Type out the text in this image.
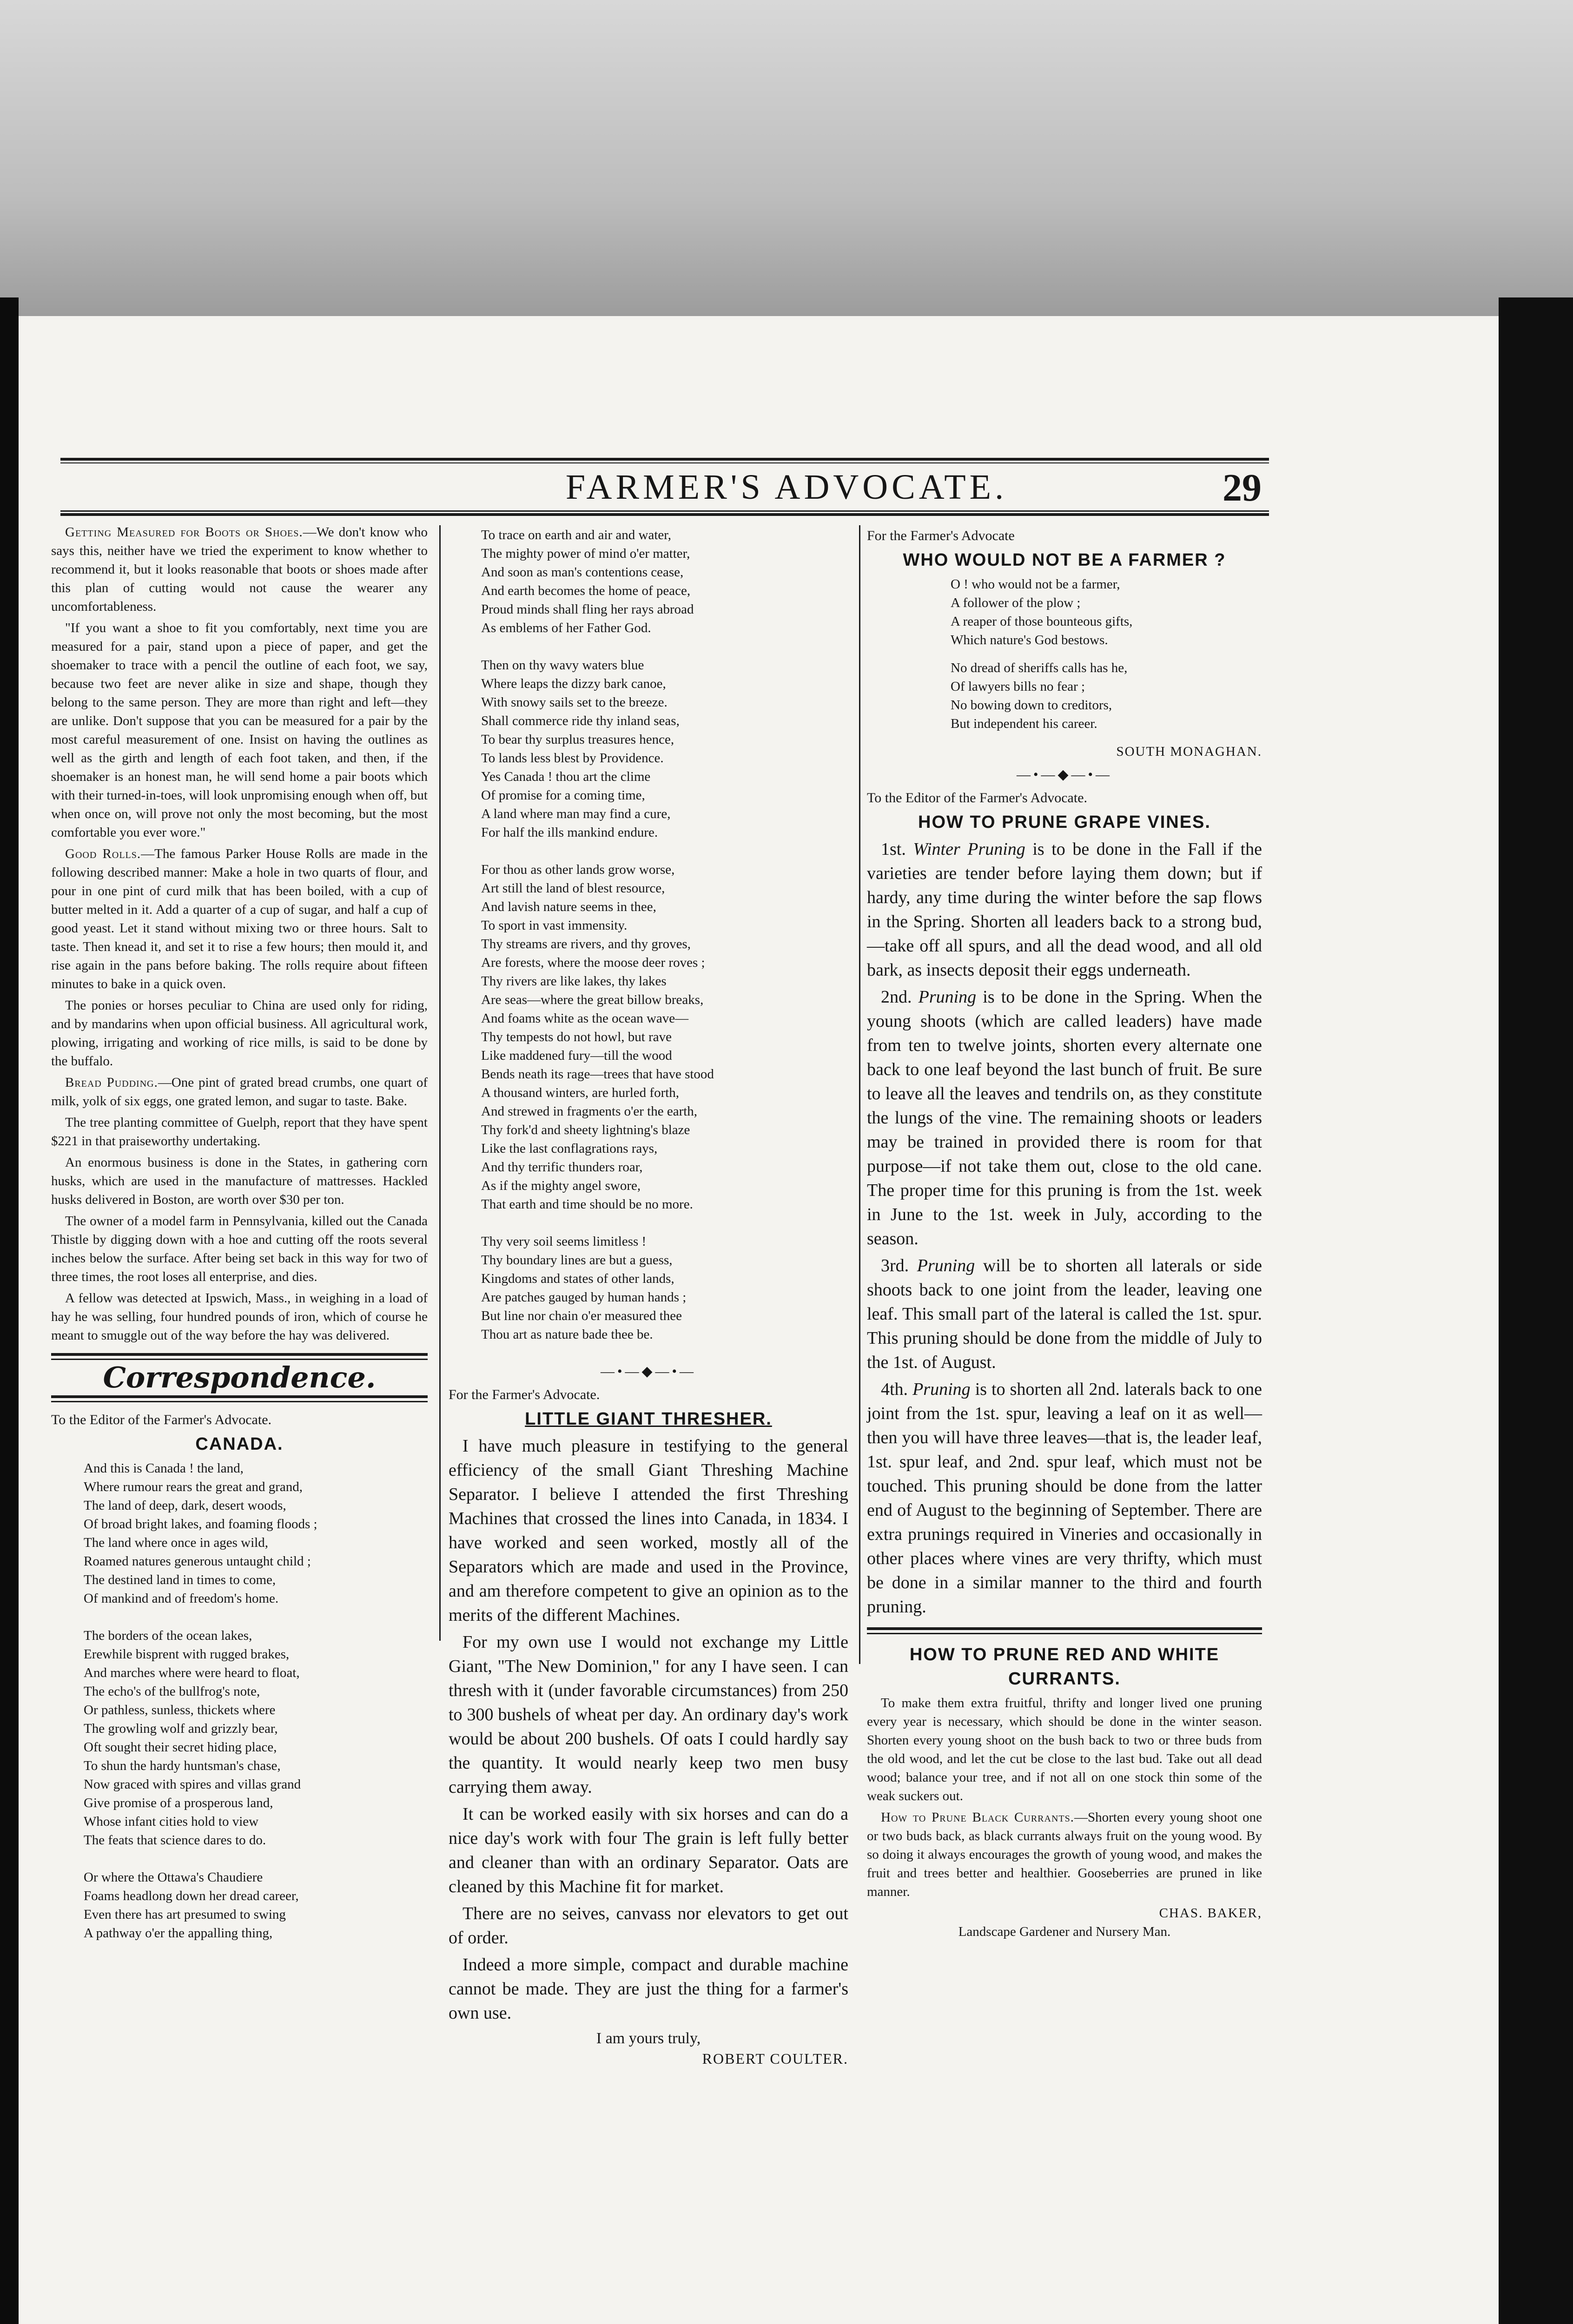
FARMER'S ADVOCATE.	29

Getting Measured for Boots or Shoes.—We don't know who says this, neither have we tried the experiment to know whether to recommend it, but it looks reasonable that boots or shoes made after this plan of cutting would not cause the wearer any uncomfortableness.

"If you want a shoe to fit you comfortably, next time you are measured for a pair, stand upon a piece of paper, and get the shoemaker to trace with a pencil the outline of each foot, we say, because two feet are never alike in size and shape, though they belong to the same person. They are more than right and left—they are unlike. Don't suppose that you can be measured for a pair by the most careful measurement of one. Insist on having the outlines as well as the girth and length of each foot taken, and then, if the shoemaker is an honest man, he will send home a pair boots which with their turned-in-toes, will look unpromising enough when off, but when once on, will prove not only the most becoming, but the most comfortable you ever wore."

Good Rolls.—The famous Parker House Rolls are made in the following described manner: Make a hole in two quarts of flour, and pour in one pint of curd milk that has been boiled, with a cup of butter melted in it. Add a quarter of a cup of sugar, and half a cup of good yeast. Let it stand without mixing two or three hours. Salt to taste. Then knead it, and set it to rise a few hours; then mould it, and rise again in the pans before baking. The rolls require about fifteen minutes to bake in a quick oven.

The ponies or horses peculiar to China are used only for riding, and by mandarins when upon official business. All agricultural work, plowing, irrigating and working of rice mills, is said to be done by the buffalo.

Bread Pudding.—One pint of grated bread crumbs, one quart of milk, yolk of six eggs, one grated lemon, and sugar to taste. Bake.

The tree planting committee of Guelph, report that they have spent $221 in that praiseworthy undertaking.

An enormous business is done in the States, in gathering corn husks, which are used in the manufacture of mattresses. Hackled husks delivered in Boston, are worth over $30 per ton.

The owner of a model farm in Pennsylvania, killed out the Canada Thistle by digging down with a hoe and cutting off the roots several inches below the surface. After being set back in this way for two of three times, the root loses all enterprise, and dies.

A fellow was detected at Ipswich, Mass., in weighing in a load of hay he was selling, four hundred pounds of iron, which of course he meant to smuggle out of the way before the hay was delivered.

Correspondence.
To the Editor of the Farmer's Advocate.
CANADA.
And this is Canada ! the land,
Where rumour rears the great and grand,
The land of deep, dark, desert woods,
Of broad bright lakes, and foaming floods ;
The land where once in ages wild,
Roamed natures generous untaught child ;
The destined land in times to come,
Of mankind and of freedom's home.
The borders of the ocean lakes,
Erewhile bisprent with rugged brakes,
And marches where were heard to float,
The echo's of the bullfrog's note,
Or pathless, sunless, thickets where
The growling wolf and grizzly bear,
Oft sought their secret hiding place,
To shun the hardy huntsman's chase,
Now graced with spires and villas grand
Give promise of a prosperous land,
Whose infant cities hold to view
The feats that science dares to do.
Or where the Ottawa's Chaudiere
Foams headlong down her dread career,
Even there has art presumed to swing
A pathway o'er the appalling thing,
To trace on earth and air and water,
The mighty power of mind o'er matter,
And soon as man's contentions cease,
And earth becomes the home of peace,
Proud minds shall fling her rays abroad
As emblems of her Father God.
Then on thy wavy waters blue
Where leaps the dizzy bark canoe,
With snowy sails set to the breeze.
Shall commerce ride thy inland seas,
To bear thy surplus treasures hence,
To lands less blest by Providence.
Yes Canada ! thou art the clime
Of promise for a coming time,
A land where man may find a cure,
For half the ills mankind endure.
For thou as other lands grow worse,
Art still the land of blest resource,
And lavish nature seems in thee,
To sport in vast immensity.
Thy streams are rivers, and thy groves,
Are forests, where the moose deer roves ;
Thy rivers are like lakes, thy lakes
Are seas—where the great billow breaks,
And foams white as the ocean wave—
Thy tempests do not howl, but rave
Like maddened fury—till the wood
Bends neath its rage—trees that have stood
A thousand winters, are hurled forth,
And strewed in fragments o'er the earth,
Thy fork'd and sheety lightning's blaze
Like the last conflagrations rays,
And thy terrific thunders roar,
As if the mighty angel swore,
That earth and time should be no more.
Thy very soil seems limitless !
Thy boundary lines are but a guess,
Kingdoms and states of other lands,
Are patches gauged by human hands ;
But line nor chain o'er measured thee
Thou art as nature bade thee be.
—•—◆—•—
For the Farmer's Advocate.
LITTLE GIANT THRESHER.

I have much pleasure in testifying to the general efficiency of the small Giant Threshing Machine Separator. I believe I attended the first Threshing Machines that crossed the lines into Canada, in 1834. I have worked and seen worked, mostly all of the Separators which are made and used in the Province, and am therefore competent to give an opinion as to the merits of the different Machines.

For my own use I would not exchange my Little Giant, "The New Dominion," for any I have seen. I can thresh with it (under favorable circumstances) from 250 to 300 bushels of wheat per day. An ordinary day's work would be about 200 bushels. Of oats I could hardly say the quantity. It would nearly keep two men busy carrying them away.

It can be worked easily with six horses and can do a nice day's work with four The grain is left fully better and cleaner than with an ordinary Separator. Oats are cleaned by this Machine fit for market.

There are no seives, canvass nor elevators to get out of order.

Indeed a more simple, compact and durable machine cannot be made. They are just the thing for a farmer's own use.

I am yours truly,
ROBERT COULTER.
For the Farmer's Advocate
WHO WOULD NOT BE A FARMER ?
O ! who would not be a farmer,
A follower of the plow ;
A reaper of those bounteous gifts,
Which nature's God bestows.
No dread of sheriffs calls has he,
Of lawyers bills no fear ;
No bowing down to creditors,
But independent his career.
SOUTH MONAGHAN.
—•—◆—•—
To the Editor of the Farmer's Advocate.
HOW TO PRUNE GRAPE VINES.

1st. Winter Pruning is to be done in the Fall if the varieties are tender before laying them down; but if hardy, any time during the winter before the sap flows in the Spring. Shorten all leaders back to a strong bud,—take off all spurs, and all the dead wood, and all old bark, as insects deposit their eggs underneath.

2nd. Pruning is to be done in the Spring. When the young shoots (which are called leaders) have made from ten to twelve joints, shorten every alternate one back to one leaf beyond the last bunch of fruit. Be sure to leave all the leaves and tendrils on, as they constitute the lungs of the vine. The remaining shoots or leaders may be trained in provided there is room for that purpose—if not take them out, close to the old cane. The proper time for this pruning is from the 1st. week in June to the 1st. week in July, according to the season.

3rd. Pruning will be to shorten all laterals or side shoots back to one joint from the leader, leaving one leaf. This small part of the lateral is called the 1st. spur. This pruning should be done from the middle of July to the 1st. of August.

4th. Pruning is to shorten all 2nd. laterals back to one joint from the 1st. spur, leaving a leaf on it as well—then you will have three leaves—that is, the leader leaf, 1st. spur leaf, and 2nd. spur leaf, which must not be touched. This pruning should be done from the latter end of August to the beginning of September. There are extra prunings required in Vineries and occasionally in other places where vines are very thrifty, which must be done in a similar manner to the third and fourth pruning.

HOW TO PRUNE RED AND WHITE CURRANTS.

To make them extra fruitful, thrifty and longer lived one pruning every year is necessary, which should be done in the winter season. Shorten every young shoot on the bush back to two or three buds from the old wood, and let the cut be close to the last bud. Take out all dead wood; balance your tree, and if not all on one stock thin some of the weak suckers out.

How to Prune Black Currants.—Shorten every young shoot one or two buds back, as black currants always fruit on the young wood. By so doing it always encourages the growth of young wood, and makes the fruit and trees better and healthier. Gooseberries are pruned in like manner.

CHAS. BAKER,
Landscape Gardener and Nursery Man.
